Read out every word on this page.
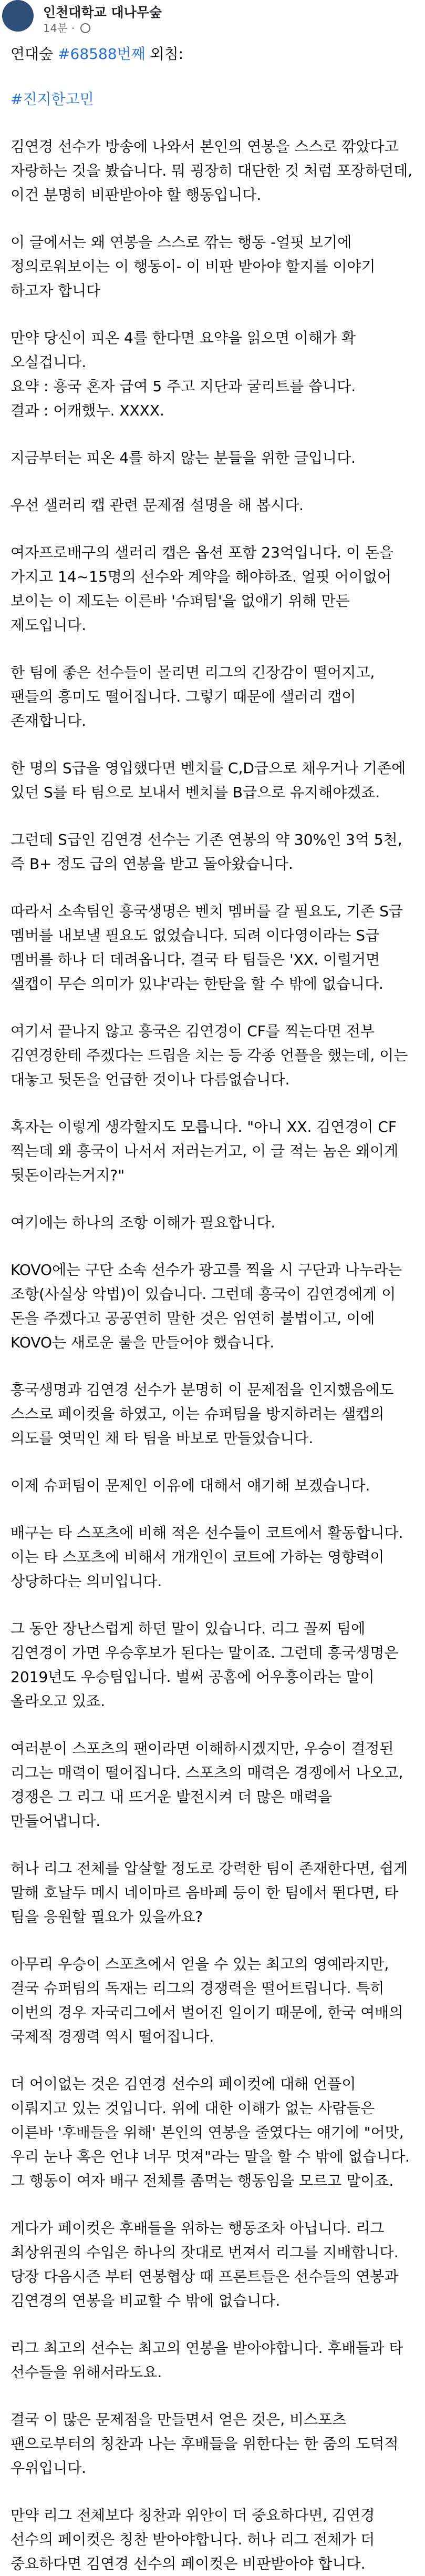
인천대학교 대나무숲
14분 ·

연대숲 #68588번째 외침:

#진지한고민

김연경 선수가 방송에 나와서 본인의 연봉을 스스로 깎았다고 자랑하는 것을 봤습니다. 뭐 굉장히 대단한 것 처럼 포장하던데, 이건 분명히 비판받아야 할 행동입니다.

이 글에서는 왜 연봉을 스스로 깎는 행동 -얼핏 보기에 정의로워보이는 이 행동이- 이 비판 받아야 할지를 이야기 하고자 합니다

만약 당신이 피온 4를 한다면 요약을 읽으면 이해가 확 오실겁니다.
요약 : 흥국 혼자 급여 5 주고 지단과 굴리트를 씁니다.
결과 : 어캐했누. XXXX.

지금부터는 피온 4를 하지 않는 분들을 위한 글입니다.

우선 샐러리 캡 관련 문제점 설명을 해 봅시다.

여자프로배구의 샐러리 캡은 옵션 포함 23억입니다. 이 돈을 가지고 14~15명의 선수와 계약을 해야하죠. 얼핏 어이없어 보이는 이 제도는 이른바 '슈퍼팀'을 없애기 위해 만든 제도입니다.

한 팀에 좋은 선수들이 몰리면 리그의 긴장감이 떨어지고, 팬들의 흥미도 떨어집니다. 그렇기 때문에 샐러리 캡이 존재합니다.

한 명의 S급을 영입했다면 벤치를 C,D급으로 채우거나 기존에 있던 S를 타 팀으로 보내서 벤치를 B급으로 유지해야겠죠.

그런데 S급인 김연경 선수는 기존 연봉의 약 30%인 3억 5천, 즉 B+ 정도 급의 연봉을 받고 돌아왔습니다.

따라서 소속팀인 흥국생명은 벤치 멤버를 갈 필요도, 기존 S급 멤버를 내보낼 필요도 없었습니다. 되려 이다영이라는 S급 멤버를 하나 더 데려옵니다. 결국 타 팀들은 'XX. 이럴거면 샐캡이 무슨 의미가 있냐'라는 한탄을 할 수 밖에 없습니다.

여기서 끝나지 않고 흥국은 김연경이 CF를 찍는다면 전부 김연경한테 주겠다는 드립을 치는 등 각종 언플을 했는데, 이는 대놓고 뒷돈을 언급한 것이나 다름없습니다.

혹자는 이렇게 생각할지도 모릅니다. "아니 XX. 김연경이 CF 찍는데 왜 흥국이 나서서 저러는거고, 이 글 적는 놈은 왜이게 뒷돈이라는거지?"

여기에는 하나의 조항 이해가 필요합니다.

KOVO에는 구단 소속 선수가 광고를 찍을 시 구단과 나누라는 조항(사실상 악법)이 있습니다. 그런데 흥국이 김연경에게 이 돈을 주겠다고 공공연히 말한 것은 엄연히 불법이고, 이에 KOVO는 새로운 룰을 만들어야 했습니다.

흥국생명과 김연경 선수가 분명히 이 문제점을 인지했음에도 스스로 페이컷을 하였고, 이는 슈퍼팀을 방지하려는 샐캡의 의도를 엿먹인 채 타 팀을 바보로 만들었습니다.

이제 슈퍼팀이 문제인 이유에 대해서 얘기해 보겠습니다.

배구는 타 스포츠에 비해 적은 선수들이 코트에서 활동합니다. 이는 타 스포츠에 비해서 개개인이 코트에 가하는 영향력이 상당하다는 의미입니다.

그 동안 장난스럽게 하던 말이 있습니다. 리그 꼴찌 팀에 김연경이 가면 우승후보가 된다는 말이죠. 그런데 흥국생명은 2019년도 우승팀입니다. 벌써 공홈에 어우흥이라는 말이 올라오고 있죠.

여러분이 스포츠의 팬이라면 이해하시겠지만, 우승이 결정된 리그는 매력이 떨어집니다. 스포츠의 매력은 경쟁에서 나오고, 경쟁은 그 리그 내 뜨거운 발전시켜 더 많은 매력을 만들어냅니다.

허나 리그 전체를 압살할 정도로 강력한 팀이 존재한다면, 쉽게 말해 호날두 메시 네이마르 음바페 등이 한 팀에서 뛴다면, 타 팀을 응원할 필요가 있을까요?

아무리 우승이 스포츠에서 얻을 수 있는 최고의 영예라지만, 결국 슈퍼팀의 독재는 리그의 경쟁력을 떨어트립니다. 특히 이번의 경우 자국리그에서 벌어진 일이기 때문에, 한국 여배의 국제적 경쟁력 역시 떨어집니다.

더 어이없는 것은 김연경 선수의 페이컷에 대해 언플이 이뤄지고 있는 것입니다. 위에 대한 이해가 없는 사람들은 이른바 '후배들을 위해' 본인의 연봉을 줄였다는 얘기에 "어맛, 우리 눈나 혹은 언냐 너무 멋져"라는 말을 할 수 밖에 없습니다. 그 행동이 여자 배구 전체를 좀먹는 행동임을 모르고 말이죠.

게다가 페이컷은 후배들을 위하는 행동조차 아닙니다. 리그 최상위권의 수입은 하나의 잣대로 번져서 리그를 지배합니다. 당장 다음시즌 부터 연봉협상 때 프론트들은 선수들의 연봉과 김연경의 연봉을 비교할 수 밖에 없습니다.

리그 최고의 선수는 최고의 연봉을 받아야합니다. 후배들과 타 선수들을 위해서라도요.

결국 이 많은 문제점을 만들면서 얻은 것은, 비스포츠 팬으로부터의 칭찬과 나는 후배들을 위한다는 한 줌의 도덕적 우위입니다.

만약 리그 전체보다 칭찬과 위안이 더 중요하다면, 김연경 선수의 페이컷은 칭찬 받아야합니다. 허나 리그 전체가 더 중요하다면 김연경 선수의 페이컷은 비판받아야 합니다.
